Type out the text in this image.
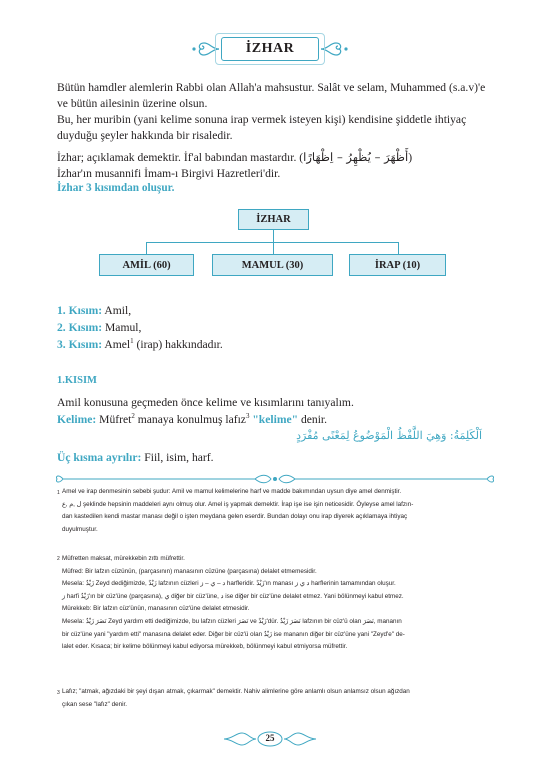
İZHAR
Bütün hamdler alemlerin Rabbi olan Allah'a mahsustur. Salât ve selam, Muhammed (s.a.v)'e ve bütün ailesinin üzerine olsun.
Bu, her muribin (yani kelime sonuna irap vermek isteyen kişi) kendisine şiddetle ihtiyaç duyduğu şeyler hakkında bir risaledir.
İzhar; açıklamak demektir. İf'al babından mastardır. (أَظْهَرَ – يُظْهِرُ – اِظْهَارًا)
İzhar'ın musannifi İmam-ı Birgivi Hazretleri'dir.
İzhar 3 kısımdan oluşur.
İZHAR
AMİL (60)	MAMUL (30)	İRAP (10)
1. Kısım: Amil,
2. Kısım: Mamul,
3. Kısım: Amel$^1$ (irap) hakkındadır.
1.KISIM
Amil konusuna geçmeden önce kelime ve kısımlarını tanıyalım.
Kelime: Müfret$^2$ manaya konulmuş lafız$^3$ "kelime" denir.
اَلْكَلِمَةُ: وَهِيَ اللَّفْظُ الْمَوْضُوعُ لِمَعْنًى مُفْرَدٍ
Üç kısma ayrılır: Fiil, isim, harf.
1 Amel ve irap denmesinin sebebi şudur: Amil ve mamul kelimelerine harf ve madde bakımından uysun diye amel denmiştir.
ل ,م ,ع şeklinde hepsinin maddeleri aynı olmuş olur. Amel iş yapmak demektir. İrap işe ise işin neticesidir. Öyleyse amel lafzın-
dan kastedilen kendi mastar manası değil o işten meydana gelen eserdir. Bundan dolayı onu irap diyerek açıklamaya ihtiyaç
duyulmuştur.
2 Müfretten maksat, mürekkebin zıttı müfrettir.
Müfred: Bir lafzın cüzünün, (parçasının) manasının cüzüne (parçasına) delalet etmemesidir.
Mesela: زَيْدٌ Zeyd dediğimizde, زَيْدٌ lafzının cüzleri د – ي – ز harfleridir. زَيْدٌ'ın manası د ي ز harflerinin tamamından oluşur.
ز harfi زَيْدٌ'ın bir cüz'üne (parçasına), ي diğer bir cüz'üne, د ise diğer bir cüz'üne delalet etmez. Yani bölünmeyi kabul etmez.
Mürekkeb: Bir lafzın cüz'ünün, manasının cüz'üne delalet etmesidir.
Mesela: نَصَرَ زَيْدٌ Zeyd yardım etti dediğimizde, bu lafzın cüzleri نَصَرَ ve زَيْدٌ'dür. نَصَرَ زَيْدٌ lafzının bir cüz'ü olan نَصَرَ, mananın
bir cüz'üne yani "yardım etti" manasına delalet eder. Diğer bir cüz'ü olan زَيْدٌ ise mananın diğer bir cüz'üne yani "Zeyd'e" de-
lalet eder. Kısaca; bir kelime bölünmeyi kabul ediyorsa mürekkeb, bölünmeyi kabul etmiyorsa müfrettir.
3 Lafız; "atmak, ağızdaki bir şeyi dışarı atmak, çıkarmak" demektir. Nahiv alimlerine göre anlamlı olsun anlamsız olsun ağızdan
çıkan sese "lafız" denir.
25
